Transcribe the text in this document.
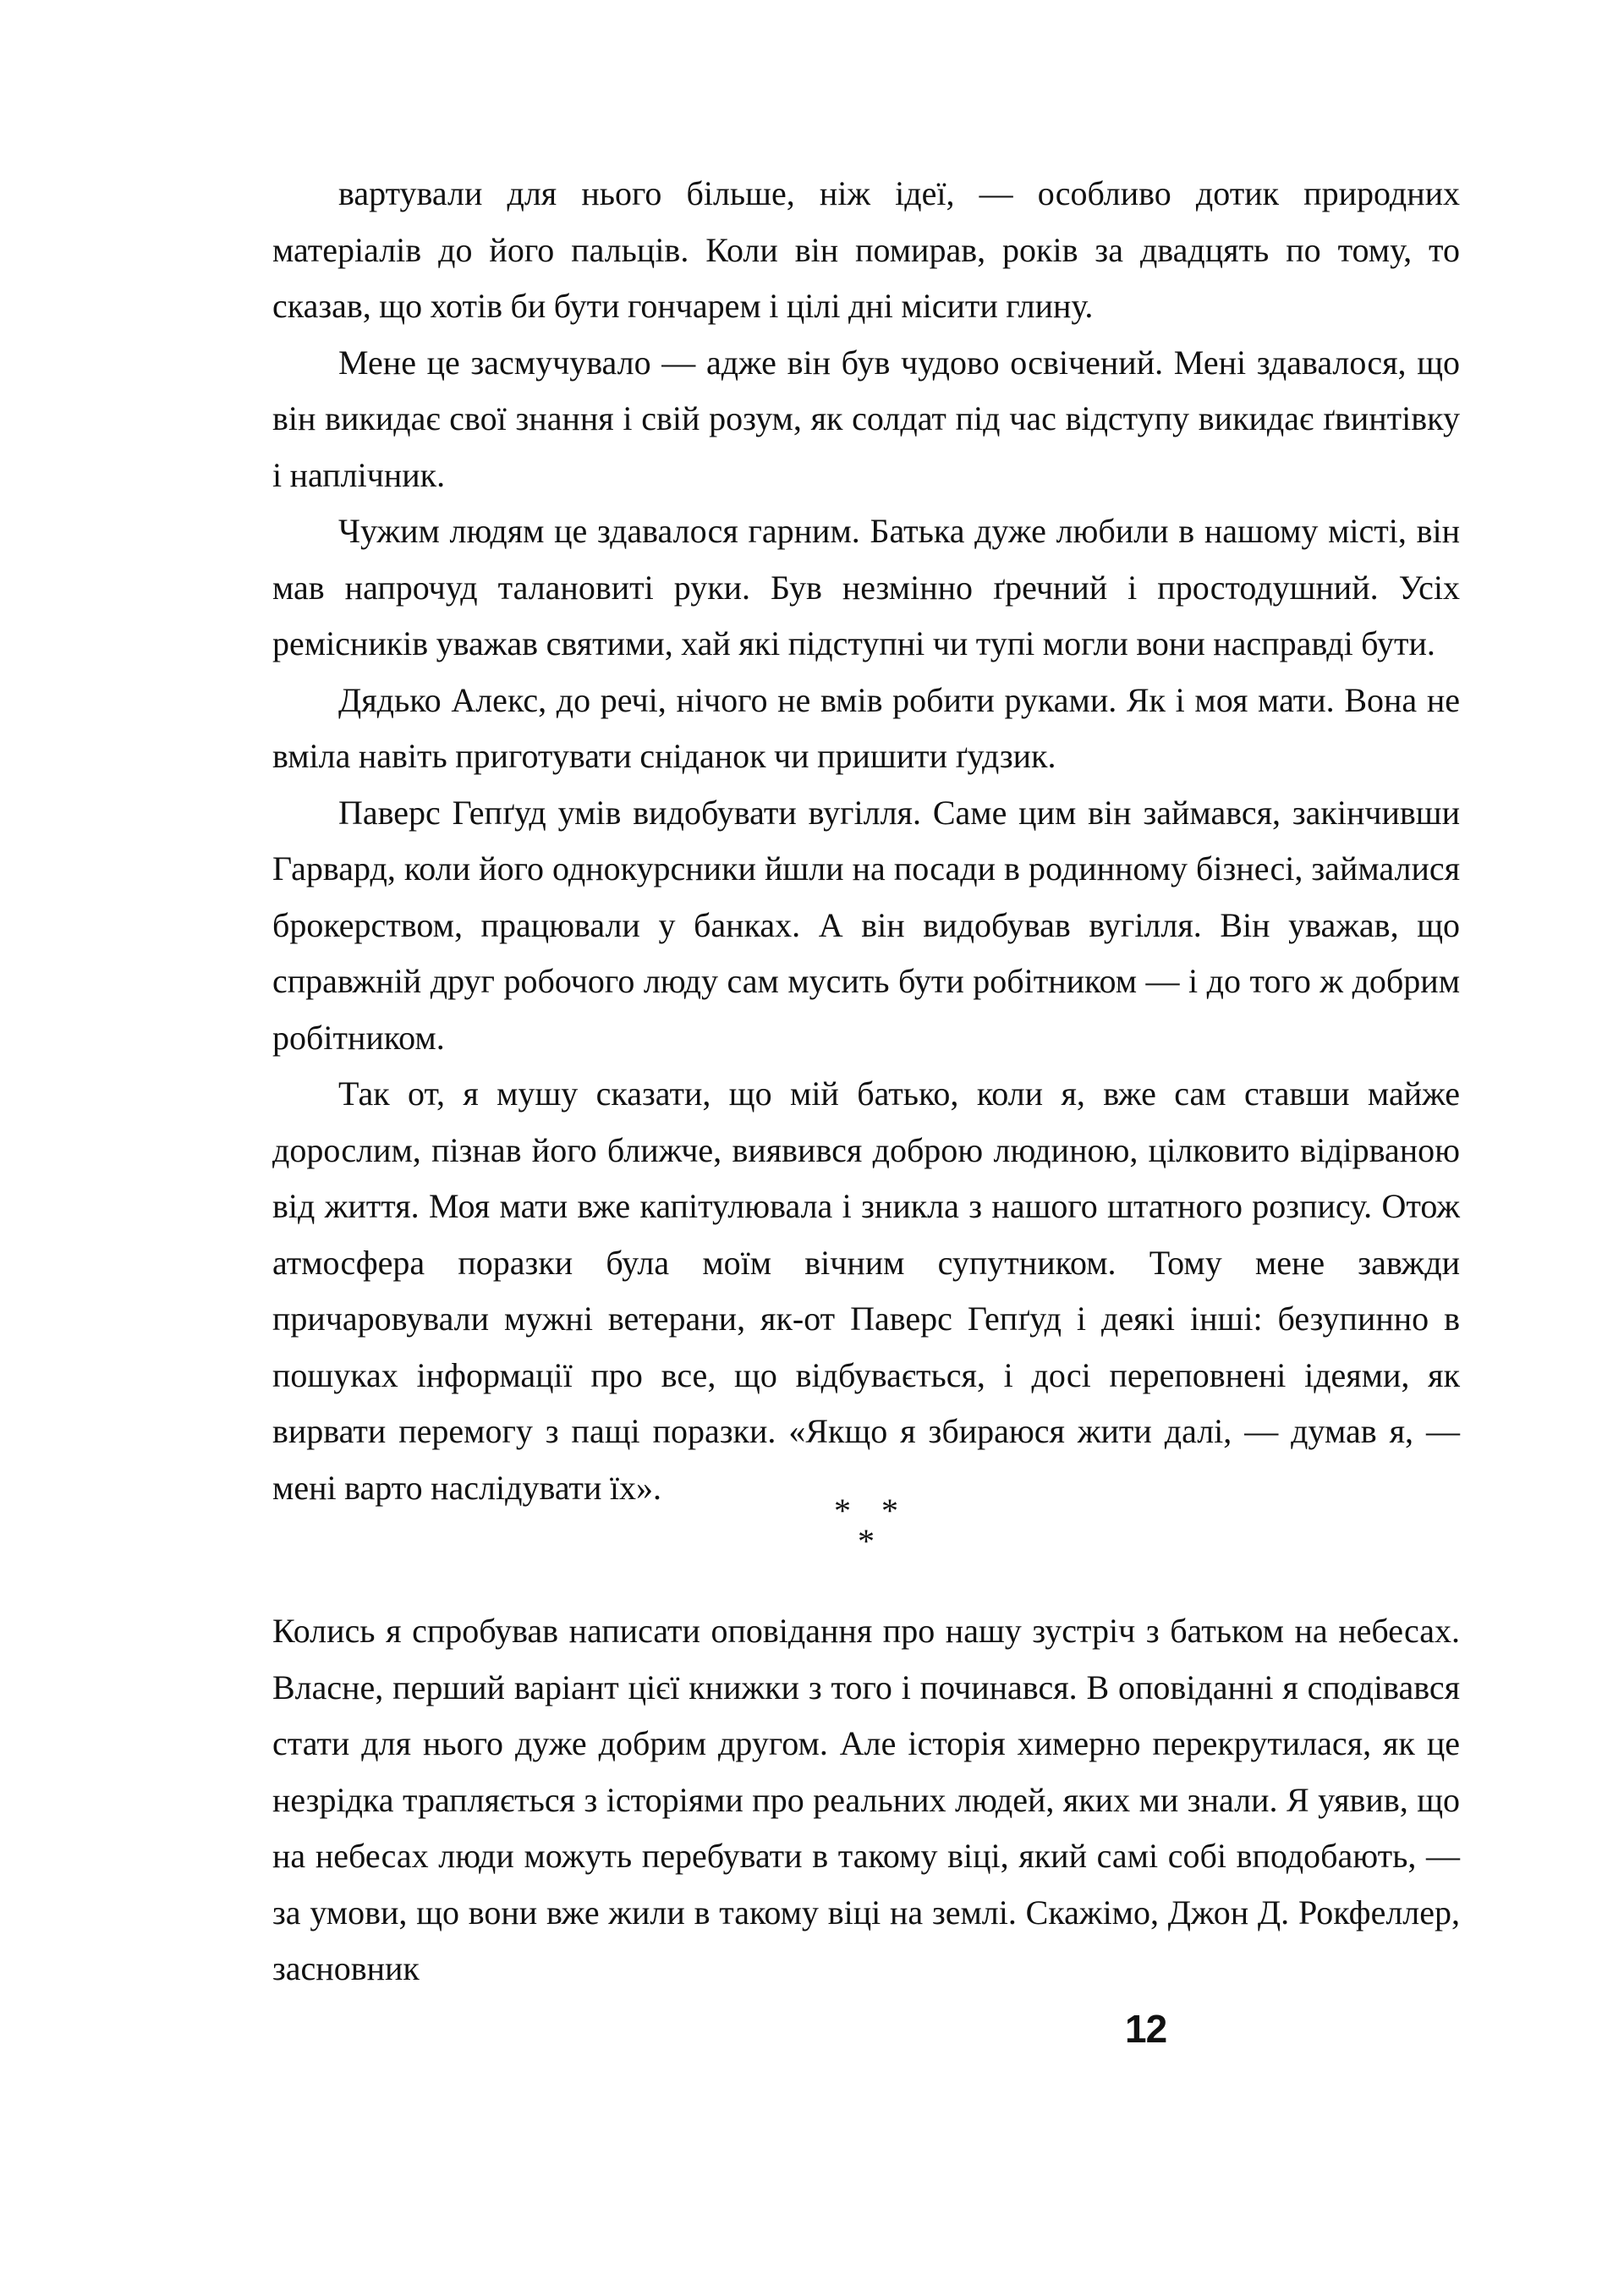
вартували для нього більше, ніж ідеї, — особливо дотик природних матеріалів до його пальців. Коли він помирав, років за двадцять по тому, то сказав, що хотів би бути гончарем і цілі дні місити глину.

Мене це засмучувало — адже він був чудово освічений. Мені здавалося, що він викидає свої знання і свій розум, як солдат під час відступу викидає ґвинтівку і наплічник.

Чужим людям це здавалося гарним. Батька дуже любили в нашому місті, він мав напрочуд талановиті руки. Був незмінно ґречний і простодушний. Усіх ремісників уважав святими, хай які підступні чи тупі могли вони насправді бути.

Дядько Алекс, до речі, нічого не вмів робити руками. Як і моя мати. Вона не вміла навіть приготувати сніданок чи пришити ґудзик.

Паверс Гепґуд умів видобувати вугілля. Саме цим він займався, закінчивши Гарвард, коли його однокурсники йшли на посади в родинному бізнесі, займалися брокерством, працювали у банках. А він видобував вугілля. Він уважав, що справжній друг робочого люду сам мусить бути робітником — і до того ж добрим робітником.

Так от, я мушу сказати, що мій батько, коли я, вже сам ставши майже дорослим, пізнав його ближче, виявився доброю людиною, цілковито відірваною від життя. Моя мати вже капітулювала і зникла з нашого штатного розпису. Отож атмосфера поразки була моїм вічним супутником. Тому мене завжди причаровували мужні ветерани, як-от Паверс Гепґуд і деякі інші: безупинно в пошуках інформації про все, що відбувається, і досі переповнені ідеями, як вирвати перемогу з пащі поразки. «Якщо я збираюся жити далі, — думав я, — мені варто наслідувати їх».

* *
*

Колись я спробував написати оповідання про нашу зустріч з батьком на небесах. Власне, перший варіант цієї книжки з того і починався. В оповіданні я сподівався стати для нього дуже добрим другом. Але історія химерно перекрутилася, як це незрідка трапляється з історіями про реальних людей, яких ми знали. Я уявив, що на небесах люди можуть перебувати в такому віці, який самі собі вподобають, — за умови, що вони вже жили в такому віці на землі. Скажімо, Джон Д. Рокфеллер, засновник

12
